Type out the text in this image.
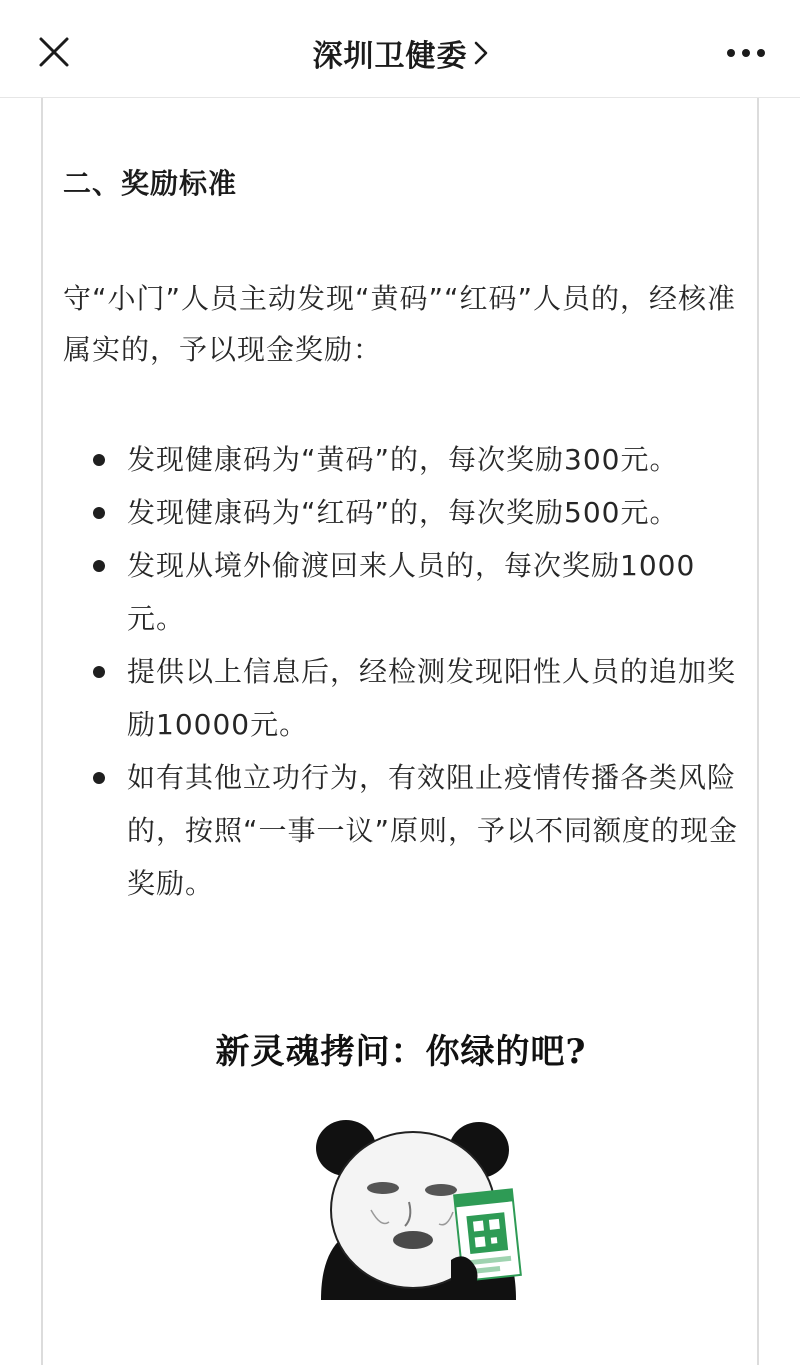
深圳卫健委
二、奖励标准
守“小门”人员主动发现“黄码”“红码”人员的，经核准属实的，予以现金奖励：
发现健康码为“黄码”的，每次奖励300元。
发现健康码为“红码”的，每次奖励500元。
发现从境外偷渡回来人员的，每次奖励1000元。
提供以上信息后，经检测发现阳性人员的追加奖励10000元。
如有其他立功行为，有效阻止疫情传播各类风险的，按照“一事一议”原则，予以不同额度的现金奖励。
新灵魂拷问：你绿的吧?
